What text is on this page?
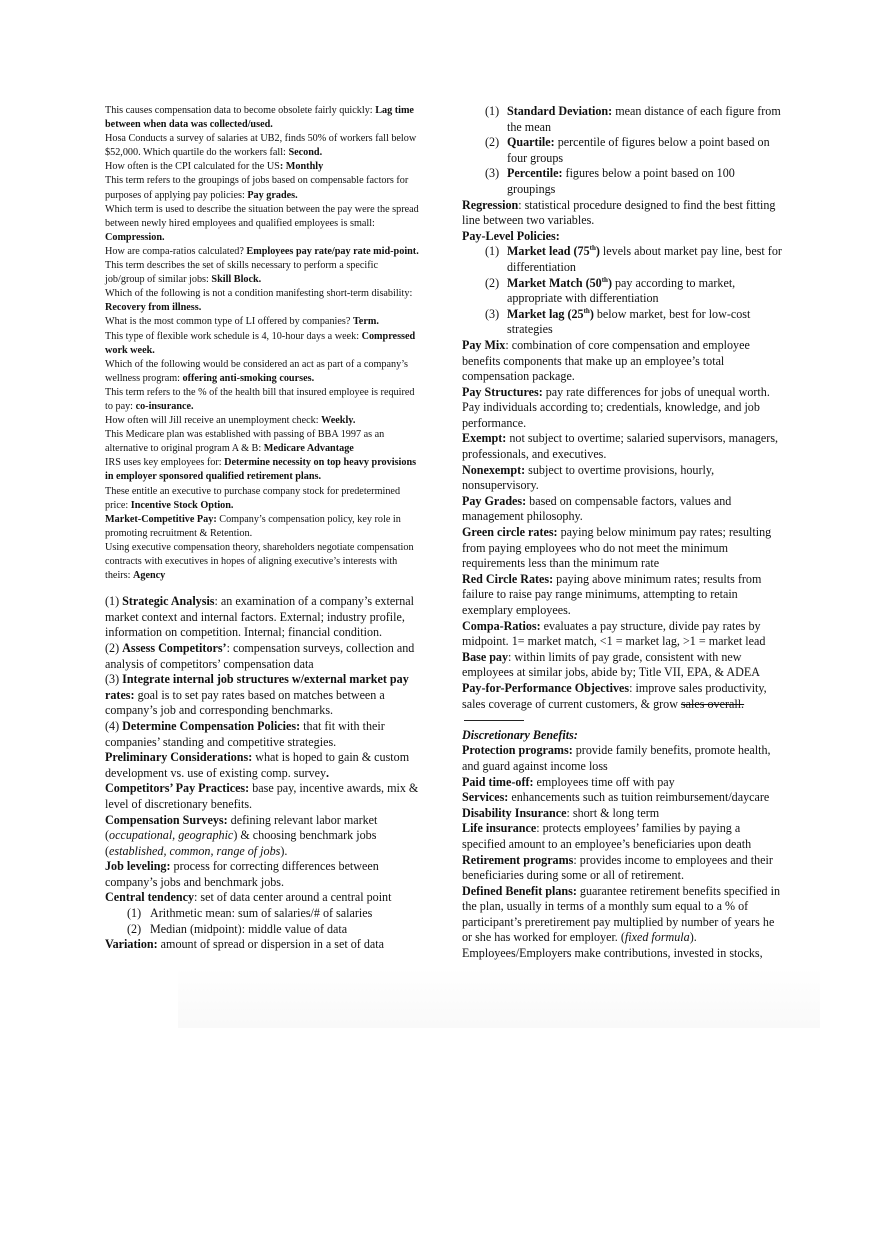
This causes compensation data to become obsolete fairly quickly: Lag time between when data was collected/used.

Hosa Conducts a survey of salaries at UB2, finds 50% of workers fall below $52,000. Which quartile do the workers fall: Second.

How often is the CPI calculated for the US: Monthly

This term refers to the groupings of jobs based on compensable factors for purposes of applying pay policies: Pay grades.

Which term is used to describe the situation between the pay were the spread between newly hired employees and qualified employees is small: Compression.

How are compa-ratios calculated? Employees pay rate/pay rate mid-point.

This term describes the set of skills necessary to perform a specific job/group of similar jobs: Skill Block.

Which of the following is not a condition manifesting short-term disability: Recovery from illness.

What is the most common type of LI offered by companies? Term.

This type of flexible work schedule is 4, 10-hour days a week: Compressed work week.

Which of the following would be considered an act as part of a company’s wellness program: offering anti-smoking courses.

This term refers to the % of the health bill that insured employee is required to pay: co-insurance.

How often will Jill receive an unemployment check: Weekly.

This Medicare plan was established with passing of BBA 1997 as an alternative to original program A & B: Medicare Advantage

IRS uses key employees for: Determine necessity on top heavy provisions in employer sponsored qualified retirement plans.

These entitle an executive to purchase company stock for predetermined price: Incentive Stock Option.

Market-Competitive Pay: Company’s compensation policy, key role in promoting recruitment & Retention.

Using executive compensation theory, shareholders negotiate compensation contracts with executives in hopes of aligning executive’s interests with theirs: Agency

(1) Strategic Analysis: an examination of a company’s external market context and internal factors. External; industry profile, information on competition. Internal; financial condition.

(2) Assess Competitors’: compensation surveys, collection and analysis of competitors’ compensation data

(3) Integrate internal job structures w/external market pay rates: goal is to set pay rates based on matches between a company’s job and corresponding benchmarks.

(4) Determine Compensation Policies: that fit with their companies’ standing and competitive strategies.

Preliminary Considerations: what is hoped to gain & custom development vs. use of existing comp. survey.

Competitors’ Pay Practices: base pay, incentive awards, mix & level of discretionary benefits.

Compensation Surveys: defining relevant labor market (occupational, geographic) & choosing benchmark jobs (established, common, range of jobs).

Job leveling: process for correcting differences between company’s jobs and benchmark jobs.

Central tendency: set of data center around a central point

(1) Arithmetic mean: sum of salaries/# of salaries
(2) Median (midpoint): middle value of data

Variation: amount of spread or dispersion in a set of data

(1) Standard Deviation: mean distance of each figure from the mean
(2) Quartile: percentile of figures below a point based on four groups
(3) Percentile: figures below a point based on 100 groupings

Regression: statistical procedure designed to find the best fitting line between two variables.

Pay-Level Policies:

(1) Market lead (75th) levels about market pay line, best for differentiation
(2) Market Match (50th) pay according to market, appropriate with differentiation
(3) Market lag (25th) below market, best for low-cost strategies

Pay Mix: combination of core compensation and employee benefits components that make up an employee’s total compensation package.

Pay Structures: pay rate differences for jobs of unequal worth. Pay individuals according to; credentials, knowledge, and job performance.

Exempt: not subject to overtime; salaried supervisors, managers, professionals, and executives.

Nonexempt: subject to overtime provisions, hourly, nonsupervisory.

Pay Grades: based on compensable factors, values and management philosophy.

Green circle rates: paying below minimum pay rates; resulting from paying employees who do not meet the minimum requirements less than the minimum rate

Red Circle Rates: paying above minimum rates; results from failure to raise pay range minimums, attempting to retain exemplary employees.

Compa-Ratios: evaluates a pay structure, divide pay rates by midpoint. 1= market match, <1 = market lag, >1 = market lead

Base pay: within limits of pay grade, consistent with new employees at similar jobs, abide by; Title VII, EPA, & ADEA

Pay-for-Performance Objectives: improve sales productivity, sales coverage of current customers, & grow sales overall.

Discretionary Benefits:

Protection programs: provide family benefits, promote health, and guard against income loss

Paid time-off: employees time off with pay

Services: enhancements such as tuition reimbursement/daycare

Disability Insurance: short & long term

Life insurance: protects employees’ families by paying a specified amount to an employee’s beneficiaries upon death

Retirement programs: provides income to employees and their beneficiaries during some or all of retirement.

Defined Benefit plans: guarantee retirement benefits specified in the plan, usually in terms of a monthly sum equal to a % of participant’s preretirement pay multiplied by number of years he or she has worked for employer. (fixed formula). Employees/Employers make contributions, invested in stocks,
